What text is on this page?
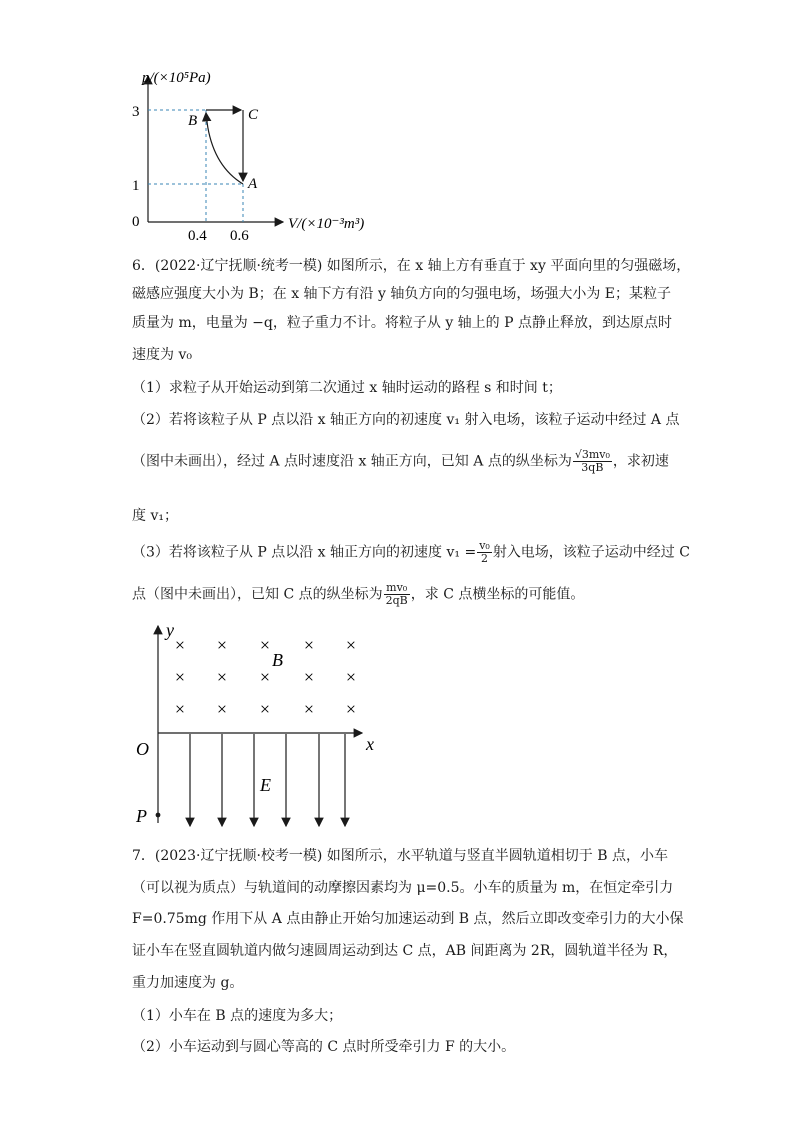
p/(×10⁵Pa)
V/(×10⁻³m³)
3
1
0
0.4 0.6
B	C
A
6．(2022·辽宁抚顺·统考一模) 如图所示，在 x 轴上方有垂直于 xy 平面向里的匀强磁场，
磁感应强度大小为 B；在 x 轴下方有沿 y 轴负方向的匀强电场，场强大小为 E；某粒子
质量为 m，电量为 −q，粒子重力不计。将粒子从 y 轴上的 P 点静止释放，到达原点时
速度为 v₀
（1）求粒子从开始运动到第二次通过 x 轴时运动的路程 s 和时间 t；
（2）若将该粒子从 P 点以沿 x 轴正方向的初速度 v₁ 射入电场，该粒子运动中经过 A 点
（图中未画出），经过 A 点时速度沿 x 轴正方向，已知 A 点的纵坐标为 $\frac{\text{√3mv₀}}{3qB}$ ，求初速
度 v₁；
（3）若将该粒子从 P 点以沿 x 轴正方向的初速度 $v_1 = \frac{\text{v₀}}{2}$ 射入电场，该粒子运动中经过 C
点（图中未画出），已知 C 点的纵坐标为 $\frac{\text{mv₀}}{2qB}$ ，求 C 点横坐标的可能值。
× × × × ×
× × × × ×
× × × × ×
y
x
O
B
E
P
7．(2023·辽宁抚顺·校考一模) 如图所示，水平轨道与竖直半圆轨道相切于 B 点，小车
（可以视为质点）与轨道间的动摩擦因素均为 μ=0.5。小车的质量为 m，在恒定牵引力
F=0.75mg 作用下从 A 点由静止开始匀加速运动到 B 点，然后立即改变牵引力的大小保
证小车在竖直圆轨道内做匀速圆周运动到达 C 点，AB 间距离为 2R，圆轨道半径为 R，
重力加速度为 g。
（1）小车在 B 点的速度为多大；
（2）小车运动到与圆心等高的 C 点时所受牵引力 F 的大小。
